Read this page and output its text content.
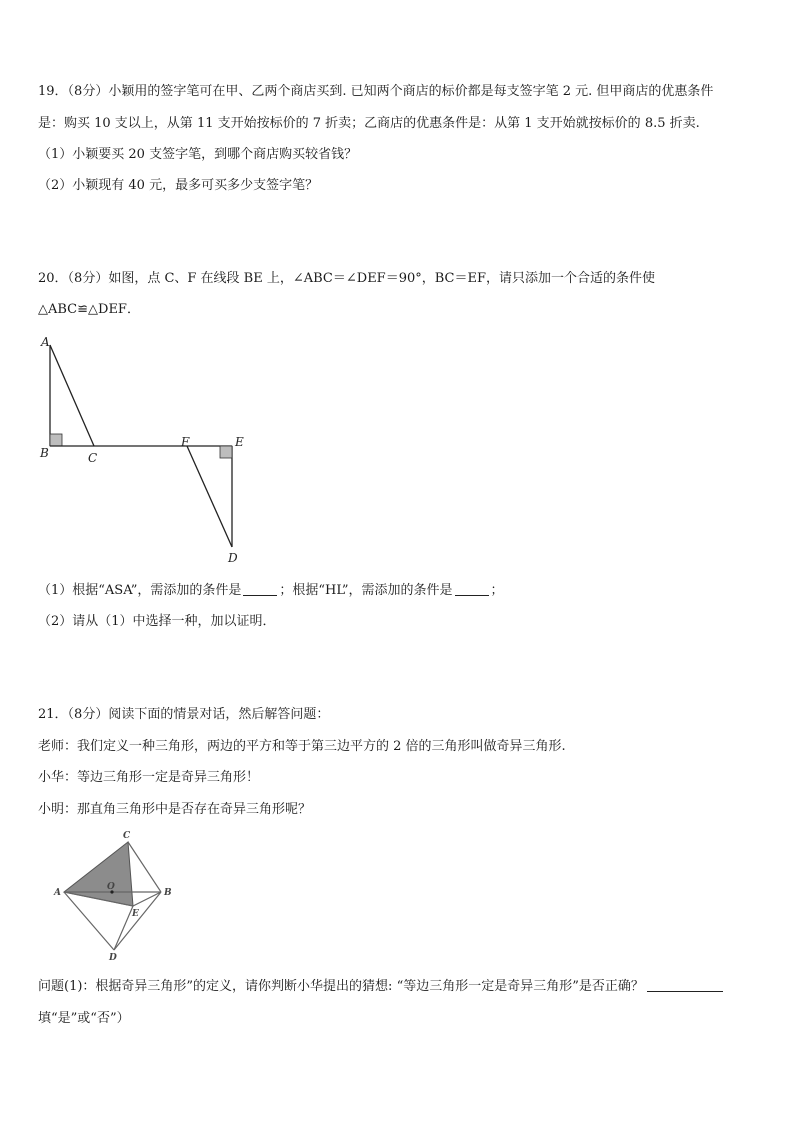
19．（8分）小颖用的签字笔可在甲、乙两个商店买到. 已知两个商店的标价都是每支签字笔 2 元. 但甲商店的优惠条件
是：购买 10 支以上，从第 11 支开始按标价的 7 折卖；乙商店的优惠条件是：从第 1 支开始就按标价的 8.5 折卖.
（1）小颖要买 20 支签字笔，到哪个商店购买较省钱？
（2）小颖现有 40 元，最多可买多少支签字笔？
20．（8分）如图，点 C、F 在线段 BE 上，∠ABC＝∠DEF＝90°，BC＝EF，请只添加一个合适的条件使
△ABC≌△DEF．
A
B	C
F	E
D
（1）根据“ASA”，需添加的条件是	；根据“HL”，需添加的条件是	；
（2）请从（1）中选择一种，加以证明．
21．（8分）阅读下面的情景对话，然后解答问题：
老师：我们定义一种三角形，两边的平方和等于第三边平方的 2 倍的三角形叫做奇异三角形.
小华：等边三角形一定是奇异三角形！
小明：那直角三角形中是否存在奇异三角形呢？
C
A
O
B
E
D
问题(1)：根据奇异三角形”的定义，请你判断小华提出的猜想: “等边三角形一定是奇异三角形”是否正确？
填“是”或“否”）
